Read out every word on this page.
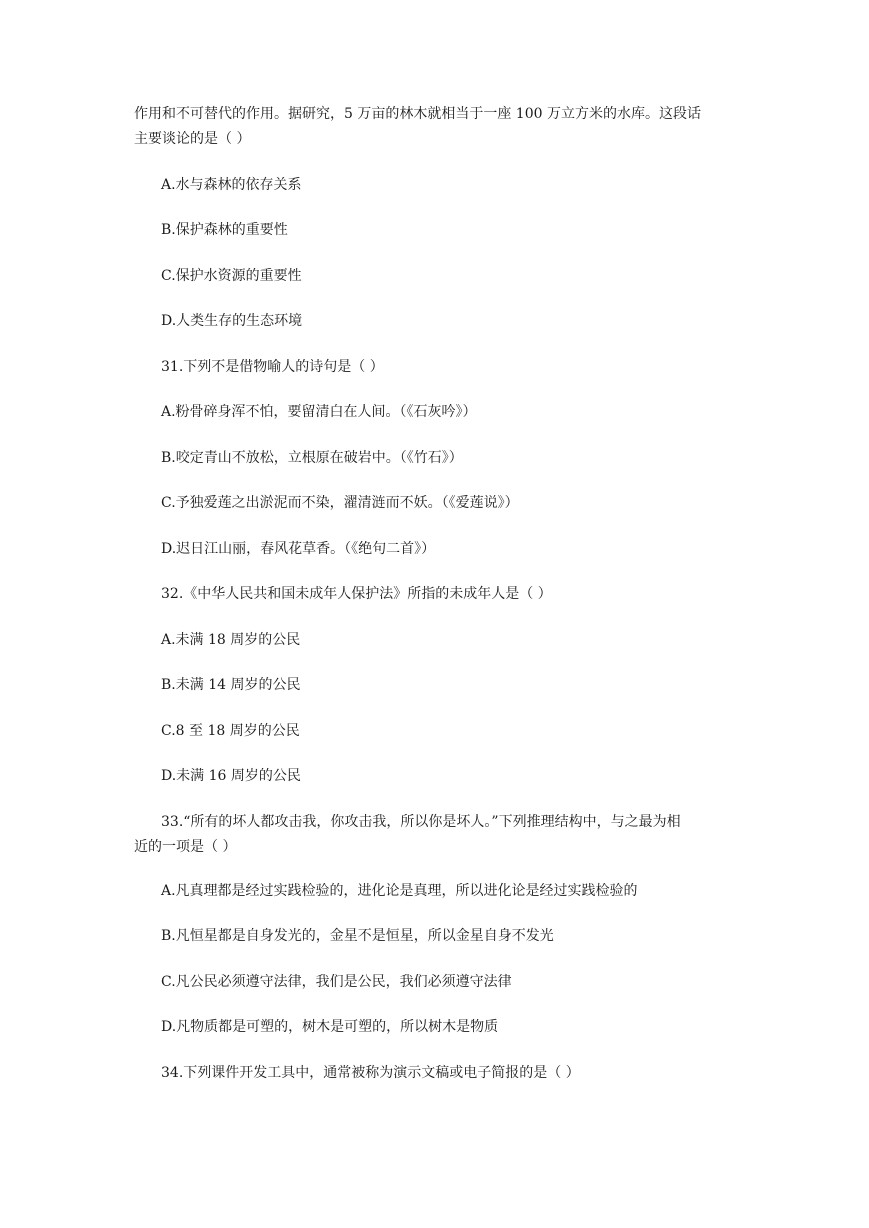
作用和不可替代的作用。据研究，5 万亩的林木就相当于一座 100 万立方米的水库。这段话
主要谈论的是（ ）
A.水与森林的依存关系
B.保护森林的重要性
C.保护水资源的重要性
D.人类生存的生态环境
31.下列不是借物喻人的诗句是（ ）
A.粉骨碎身浑不怕，要留清白在人间。（《石灰吟》）
B.咬定青山不放松，立根原在破岩中。（《竹石》）
C.予独爱莲之出淤泥而不染，濯清涟而不妖。（《爱莲说》）
D.迟日江山丽，春风花草香。（《绝句二首》）
32.《中华人民共和国未成年人保护法》所指的未成年人是（ ）
A.未满 18 周岁的公民
B.未满 14 周岁的公民
C.8 至 18 周岁的公民
D.未满 16 周岁的公民
33.“所有的坏人都攻击我，你攻击我，所以你是坏人。”下列推理结构中，与之最为相
近的一项是（ ）
A.凡真理都是经过实践检验的，进化论是真理，所以进化论是经过实践检验的
B.凡恒星都是自身发光的，金星不是恒星，所以金星自身不发光
C.凡公民必须遵守法律，我们是公民，我们必须遵守法律
D.凡物质都是可塑的，树木是可塑的，所以树木是物质
34.下列课件开发工具中，通常被称为演示文稿或电子简报的是（ ）
